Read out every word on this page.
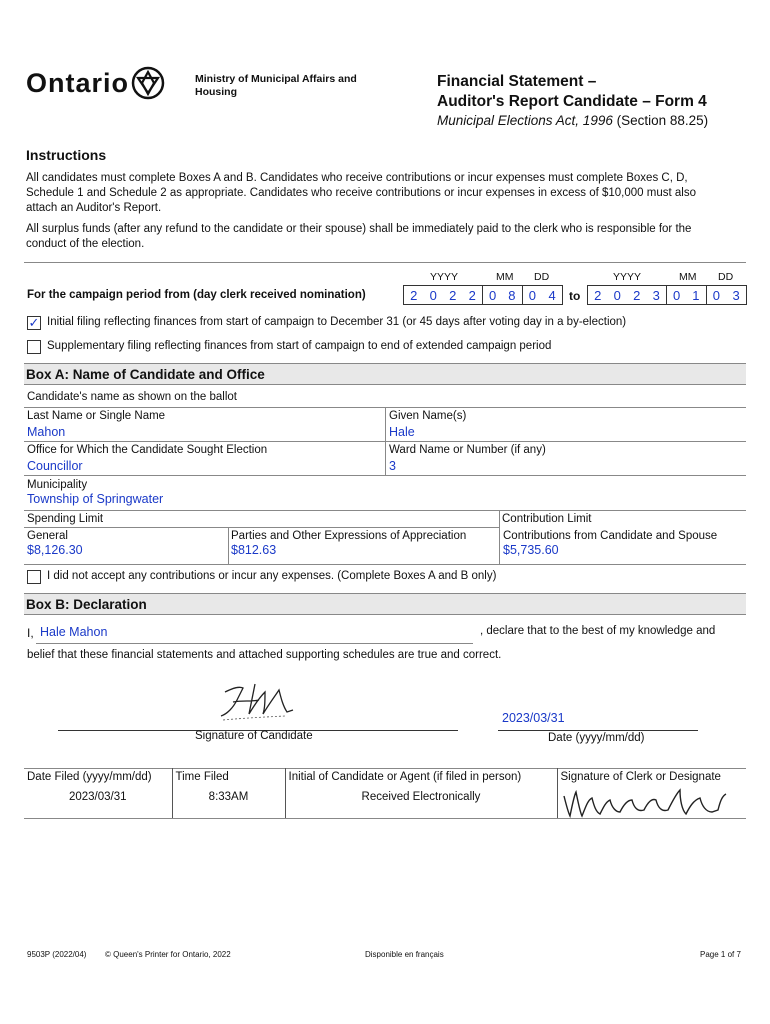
Ontario	Ministry of Municipal Affairs and Housing
Financial Statement –
Auditor's Report Candidate – Form 4
Municipal Elections Act, 1996 (Section 88.25)
Instructions
All candidates must complete Boxes A and B. Candidates who receive contributions or incur expenses must complete Boxes C, D, Schedule 1 and Schedule 2 as appropriate. Candidates who receive contributions or incur expenses in excess of $10,000 must also attach an Auditor's Report.
All surplus funds (after any refund to the candidate or their spouse) shall be immediately paid to the clerk who is responsible for the conduct of the election.
YYYY	MM DD	YYYY	MM DD
For the campaign period from (day clerk received nomination)	2 0 2 2 0 8 0 4 to 2 0 2 3 0 1 0 3
✓ Initial filing reflecting finances from start of campaign to December 31 (or 45 days after voting day in a by-election)
Supplementary filing reflecting finances from start of campaign to end of extended campaign period
Box A: Name of Candidate and Office
Candidate's name as shown on the ballot
Last Name or Single Name
Mahon
Given Name(s)
Hale
Office for Which the Candidate Sought Election
Councillor
Ward Name or Number (if any)
3
Municipality
Township of Springwater
Spending Limit	Contribution Limit
General
$8,126.30
Parties and Other Expressions of Appreciation
$812.63
Contributions from Candidate and Spouse
$5,735.60
I did not accept any contributions or incur any expenses. (Complete Boxes A and B only)
Box B: Declaration
I, Hale Mahon	, declare that to the best of my knowledge and
belief that these financial statements and attached supporting schedules are true and correct.
Signature of Candidate
2023/03/31
Date (yyyy/mm/dd)
Date Filed (yyyy/mm/dd)
2023/03/31
	Time Filed
8:33AM
	Initial of Candidate or Agent (if filed in person)
Received Electronically
	Signature of Clerk or Designate
9503P (2022/04) © Queen's Printer for Ontario, 2022	Disponible en français	Page 1 of 7
